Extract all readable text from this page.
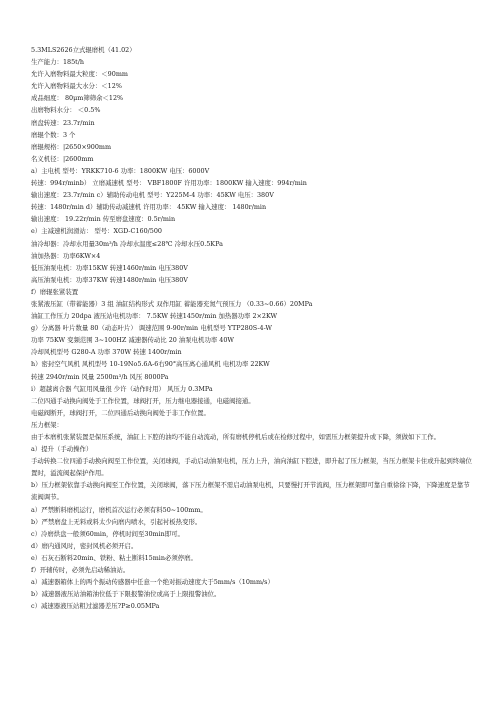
5.3MLS2626立式辊磨机（41.02）
生产能力：185t/h
允许入磨物料最大粒度：＜90mm
允许入磨物料最大水分：＜12%
成品细度： 80μm筛筛余＜12%
出磨物料水分： ＜0.5%
磨盘转速：23.7r/min
磨辊个数：3 个
磨辊规格：|2650×900mm
名义机径：|2600mm
a）主电机 型号：YRKK710-6 功率：1800KW 电压：6000V
转速：994r/minb） 立磨减速机 型号： VBF1800F 许用功率：1800KW 输入速度：994r/min
输出速度：23.7r/min c）辅助传动电机 型号：Y225M-4 功率：45KW 电压：380V
转速：1480r/min d）辅助传动减速机 许用功率： 45KW 输入速度： 1480r/min
输出速度： 19.22r/min 传至磨盘速度：0.5r/min
e）主减速机润滑站： 型号：XGD-C160/500
油冷却器：冷却水用量30m³/h 冷却水温度≤28℃ 冷却水压0.5KPa
油加热器：功率6KW×4
低压油泵电机：功率15KW 转速1460r/min 电压380V
高压油泵电机：功率37KW 转速1480r/min 电压380V
f）磨辊张紧装置
张紧液压缸（带蓄能器）3 组 油缸结构形式 双作用缸 蓄能器充氮气预压力 （0.33~0.66）20MPa
油缸工作压力 20dpa 液压站电机功率： 7.5KW 转速1450r/min 加热器功率 2×2KW
g）分离器 叶片数量 80（动态叶片） 调速范围 9-90r/min 电机型号 YTP280S-4-W
功率 75KW 变频范围 3~100HZ 减速器传动比 20 油泵电机功率 40W
冷却风机型号 G280-A 功率 370W 转速 1400r/min
h）密封空气风机 风机型号 10-19No5.6A-6右90°高压离心通风机 电机功率 22KW
转速 2940r/min 风量 2500m³/h 风压 8000Pa
i）超越离合器 气缸用风量很 少许（动作时用） 风压力 0.3MPa
二位四通手动换向阀处于工作位置，球阀打开，压力继电器接通，电磁阀接通。
电磁阀断开，球阀打开，二位四通后动换向阀处于非工作位置。
压力框架：
由于本磨机张紧装置是保压系统，油缸上下腔的油均不能自动流动，所有磨机停机后或在检修过程中，如需压力框架提升或下降，须做如下工作。
a）提升（手动操作）
手动转换二位四通手动换向阀至工作位置，关闭球阀，手动启动油泵电机，压力上升，油向油缸下腔进，即升起了压力框架，当压力框架卡住或升起到终端位置时，溢流阀起保护作用。
b）压力框架依靠手动换向阀至工作位置，关闭球阀，落下压力框架不需启动油泵电机，只要慢打开节流阀，压力框架即可靠自重徐徐下降，下降速度是靠节流阀调节。
a）严禁断料磨机运行，磨机首次运行必须有料50~100mm。
b）严禁磨盘上无料或料太少向磨内喷水，引起衬板热变形。
c）冷磨烘盘一般须60min，停机时间至30min即可。
d）磨内通风时，密封风机必须开启。
e）石灰石断料20min、铁粉、粘土断料15min必须停磨。
f）开辅传时，必须先启动稀油站。
a）减速器箱体上的两个振动传感器中任意一个绝对振动速度大于5mm/s（10mm/s）
b）减速器液压站油箱油位低于下限报警油位或高于上限报警油位。
c）减速器液压站粗过滤器差压?P≥0.05MPa
